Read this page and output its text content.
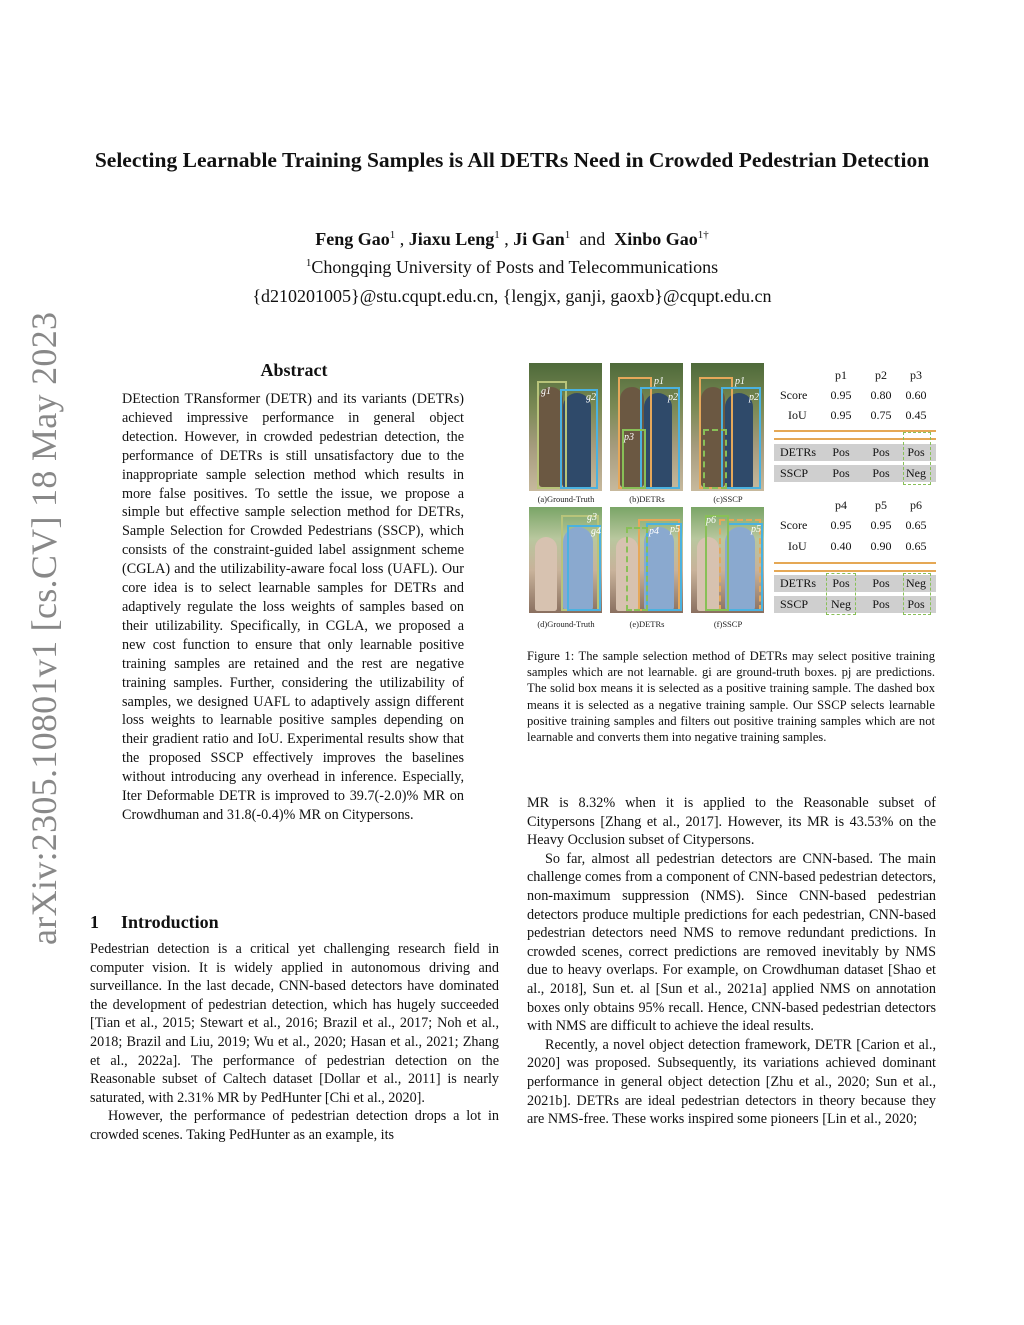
Selecting Learnable Training Samples is All DETRs Need in Crowded Pedestrian Detection
Feng Gao$^1$ , Jiaxu Leng$^1$ , Ji Gan$^1$ and Xinbo Gao$^{1\dagger}$
$^1$Chongqing University of Posts and Telecommunications
{d210201005}@stu.cqupt.edu.cn, {lengjx, ganji, gaoxb}@cqupt.edu.cn
arXiv:2305.10801v1 [cs.CV] 18 May 2023	Abstract
DEtection TRansformer (DETR) and its variants (DETRs) achieved impressive performance in general object detection. However, in crowded pedestrian detection, the performance of DETRs is still unsatisfactory due to the inappropriate sample selection method which results in more false positives. To settle the issue, we propose a simple but effective sample selection method for DETRs, Sample Selection for Crowded Pedestrians (SSCP), which consists of the constraint-guided label assignment scheme (CGLA) and the utilizability-aware focal loss (UAFL). Our core idea is to select learnable samples for DETRs and adaptively regulate the loss weights of samples based on their utilizability. Specifically, in CGLA, we proposed a new cost function to ensure that only learnable positive training samples are retained and the rest are negative training samples. Further, considering the utilizability of samples, we designed UAFL to adaptively assign different loss weights to learnable positive samples depending on their gradient ratio and IoU. Experimental results show that the proposed SSCP effectively improves the baselines without introducing any overhead in inference. Especially, Iter Deformable DETR is improved to 39.7(-2.0)% MR on Crowdhuman and 31.8(-0.4)% MR on Citypersons.
1 Introduction

Pedestrian detection is a critical yet challenging research field in computer vision. It is widely applied in autonomous driving and surveillance. In the last decade, CNN-based detectors have dominated the development of pedestrian detection, which has hugely succeeded [Tian et al., 2015; Stewart et al., 2016; Brazil et al., 2017; Noh et al., 2018; Brazil and Liu, 2019; Wu et al., 2020; Hasan et al., 2021; Zhang et al., 2022a]. The performance of pedestrian detection on the Reasonable subset of Caltech dataset [Dollar et al., 2011] is nearly saturated, with 2.31% MR by PedHunter [Chi et al., 2020].

However, the performance of pedestrian detection drops a lot in crowded scenes. Taking PedHunter as an example, its

MR is 8.32% when it is applied to the Reasonable subset of Citypersons [Zhang et al., 2017]. However, its MR is 43.53% on the Heavy Occlusion subset of Citypersons.

So far, almost all pedestrian detectors are CNN-based. The main challenge comes from a component of CNN-based pedestrian detectors, non-maximum suppression (NMS). Since CNN-based pedestrian detectors produce multiple predictions for each pedestrian, CNN-based pedestrian detectors need NMS to remove redundant predictions. In crowded scenes, correct predictions are removed inevitably by NMS due to heavy overlaps. For example, on Crowdhuman dataset [Shao et al., 2018], Sun et. al [Sun et al., 2021a] applied NMS on annotation boxes only obtains 95% recall. Hence, CNN-based pedestrian detectors with NMS are difficult to achieve the ideal results.

Recently, a novel object detection framework, DETR [Carion et al., 2020] was proposed. Subsequently, its variations achieved dominant performance in general object detection [Zhu et al., 2020; Sun et al., 2021b]. DETRs are ideal pedestrian detectors in theory because they are NMS-free. These works inspired some pioneers [Lin et al., 2020;

g1
g2
p1
p2
p3
p1
p2
(a)Ground-Truth	(b)DETRs	(c)SSCP
g3
g4	p4 p5
p6
p5
(d)Ground-Truth	(e)DETRs	(f)SSCP
p1	p2	p3
Score	0.95	0.80	0.60
IoU	0.95	0.75	0.45
DETRs	Pos	Pos	Pos
SSCP	Pos	Pos	Neg
p4	p5	p6
Score	0.95	0.95	0.65
IoU	0.40	0.90	0.65
DETRs	Pos	Pos	Neg
SSCP	Neg	Pos	Pos
Figure 1: The sample selection method of DETRs may select positive training samples which are not learnable. gi are ground-truth boxes. pj are predictions. The solid box means it is selected as a positive training sample. The dashed box means it is selected as a negative training sample. Our SSCP selects learnable positive training samples and filters out positive training samples which are not learnable and converts them into negative training samples.
